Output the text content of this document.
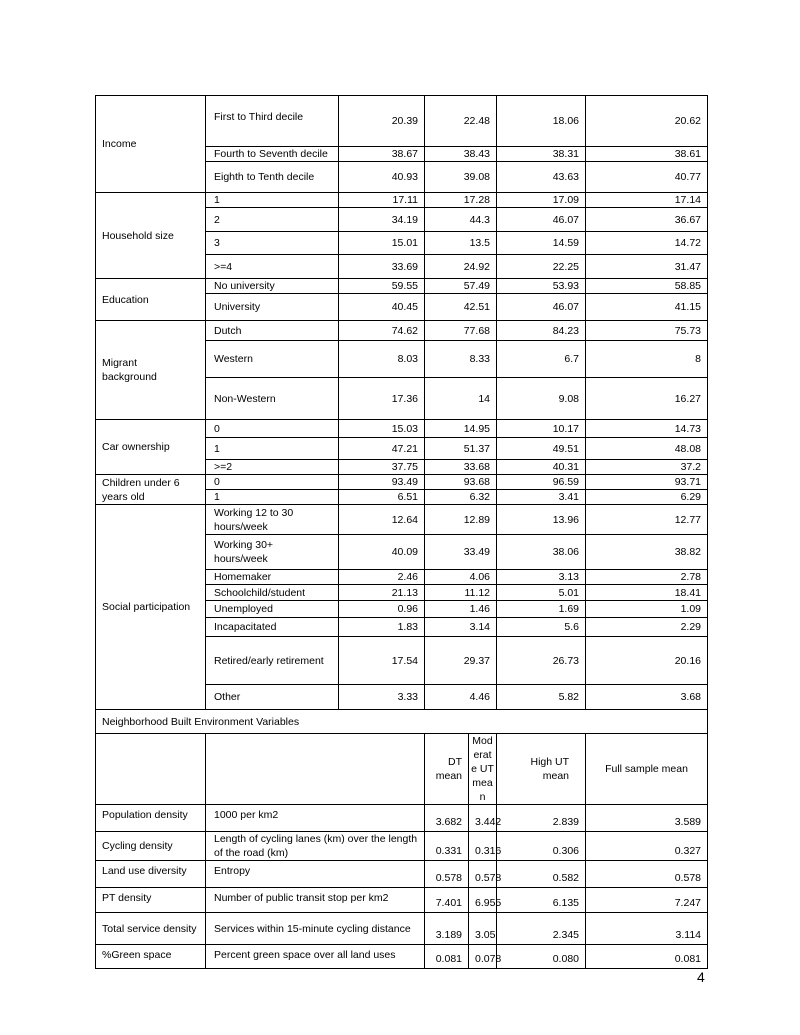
Income	First to Third decile	20.39	22.48		18.06	20.62
	Fourth to Seventh decile	38.67	38.43		38.31	38.61
	Eighth to Tenth decile	40.93	39.08		43.63	40.77
Household size	1	17.11	17.28		17.09	17.14
	2	34.19	44.3		46.07	36.67
	3	15.01	13.5		14.59	14.72
	>=4	33.69	24.92		22.25	31.47
Education	No university	59.55	57.49		53.93	58.85
	University	40.45	42.51		46.07	41.15
Migrant background	Dutch	74.62	77.68		84.23	75.73
	Western	8.03	8.33		6.7	8
	Non-Western	17.36	14		9.08	16.27
Car ownership	0	15.03	14.95		10.17	14.73
	1	47.21	51.37		49.51	48.08
	>=2	37.75	33.68		40.31	37.2
Children under 6 years old	0	93.49	93.68		96.59	93.71
	1	6.51	6.32		3.41	6.29
Social participation	Working 12 to 30 hours/week	12.64	12.89		13.96	12.77
	Working 30+ hours/week	40.09	33.49		38.06	38.82
	Homemaker	2.46	4.06		3.13	2.78
	Schoolchild/student	21.13	11.12		5.01	18.41
	Unemployed	0.96	1.46		1.69	1.09
	Incapacitated	1.83	3.14		5.6	2.29
	Retired/early retirement	17.54	29.37		26.73	20.16
	Other	3.33	4.46		5.82	3.68
Neighborhood Built Environment Variables						
			DT mean	Moderate UT mean	High UT mean	Full sample mean
Population density	1000 per km2		3.682	3.442	2.839	3.589
Cycling density	Length of cycling lanes (km) over the length of the road (km)		0.331	0.316	0.306	0.327
Land use diversity	Entropy		0.578	0.578	0.582	0.578
PT density	Number of public transit stop per km2		7.401	6.955	6.135	7.247
Total service density	Services within 15-minute cycling distance		3.189	3.05	2.345	3.114
%Green space	Percent green space over all land uses		0.081	0.078	0.080	0.081
4
